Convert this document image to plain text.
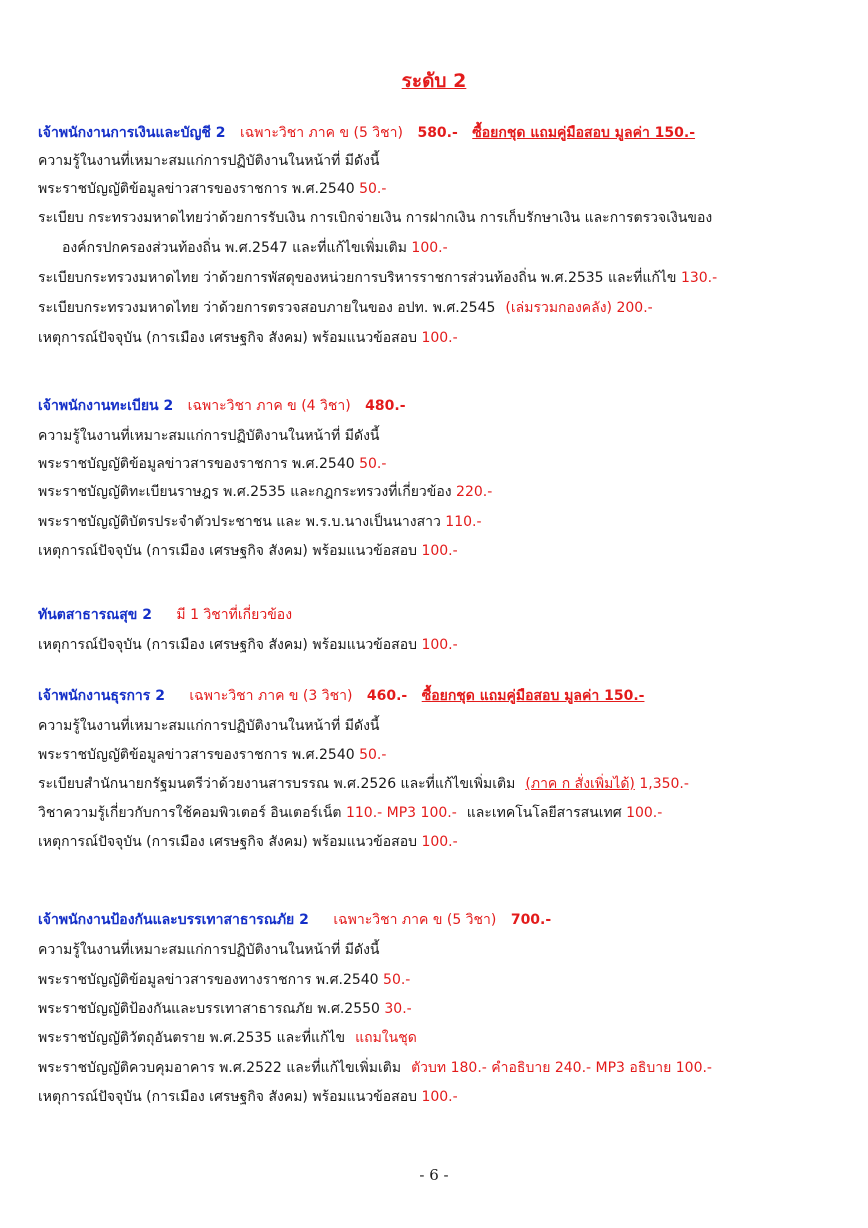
ระดับ 2
เจ้าพนักงานการเงินและบัญชี 2 เฉพาะวิชา ภาค ข (5 วิชา) 580.- ซื้อยกชุด แถมคู่มือสอบ มูลค่า 150.-
ความรู้ในงานที่เหมาะสมแก่การปฏิบัติงานในหน้าที่ มีดังนี้
พระราชบัญญัติข้อมูลข่าวสารของราชการ พ.ศ.2540 50.-
ระเบียบ กระทรวงมหาดไทยว่าด้วยการรับเงิน การเบิกจ่ายเงิน การฝากเงิน การเก็บรักษาเงิน และการตรวจเงินของ
องค์กรปกครองส่วนท้องถิ่น พ.ศ.2547 และที่แก้ไขเพิ่มเติม 100.-
ระเบียบกระทรวงมหาดไทย ว่าด้วยการพัสดุของหน่วยการบริหารราชการส่วนท้องถิ่น พ.ศ.2535 และที่แก้ไข 130.-
ระเบียบกระทรวงมหาดไทย ว่าด้วยการตรวจสอบภายในของ อปท. พ.ศ.2545 (เล่มรวมกองคลัง) 200.-
เหตุการณ์ปัจจุบัน (การเมือง เศรษฐกิจ สังคม) พร้อมแนวข้อสอบ 100.-
เจ้าพนักงานทะเบียน 2 เฉพาะวิชา ภาค ข (4 วิชา) 480.-
ความรู้ในงานที่เหมาะสมแก่การปฏิบัติงานในหน้าที่ มีดังนี้
พระราชบัญญัติข้อมูลข่าวสารของราชการ พ.ศ.2540 50.-
พระราชบัญญัติทะเบียนราษฎร พ.ศ.2535 และกฎกระทรวงที่เกี่ยวข้อง 220.-
พระราชบัญญัติบัตรประจำตัวประชาชน และ พ.ร.บ.นางเป็นนางสาว 110.-
เหตุการณ์ปัจจุบัน (การเมือง เศรษฐกิจ สังคม) พร้อมแนวข้อสอบ 100.-
ทันตสาธารณสุข 2 มี 1 วิชาที่เกี่ยวข้อง
เหตุการณ์ปัจจุบัน (การเมือง เศรษฐกิจ สังคม) พร้อมแนวข้อสอบ 100.-
เจ้าพนักงานธุรการ 2 เฉพาะวิชา ภาค ข (3 วิชา) 460.- ซื้อยกชุด แถมคู่มือสอบ มูลค่า 150.-
ความรู้ในงานที่เหมาะสมแก่การปฏิบัติงานในหน้าที่ มีดังนี้
พระราชบัญญัติข้อมูลข่าวสารของราชการ พ.ศ.2540 50.-
ระเบียบสำนักนายกรัฐมนตรีว่าด้วยงานสารบรรณ พ.ศ.2526 และที่แก้ไขเพิ่มเติม (ภาค ก สั่งเพิ่มได้) 1,350.-
วิชาความรู้เกี่ยวกับการใช้คอมพิวเตอร์ อินเตอร์เน็ต 110.- MP3 100.- และเทคโนโลยีสารสนเทศ 100.-
เหตุการณ์ปัจจุบัน (การเมือง เศรษฐกิจ สังคม) พร้อมแนวข้อสอบ 100.-
เจ้าพนักงานป้องกันและบรรเทาสาธารณภัย 2 เฉพาะวิชา ภาค ข (5 วิชา) 700.-
ความรู้ในงานที่เหมาะสมแก่การปฏิบัติงานในหน้าที่ มีดังนี้
พระราชบัญญัติข้อมูลข่าวสารของทางราชการ พ.ศ.2540 50.-
พระราชบัญญัติป้องกันและบรรเทาสาธารณภัย พ.ศ.2550 30.-
พระราชบัญญัติวัตถุอันตราย พ.ศ.2535 และที่แก้ไข แถมในชุด
พระราชบัญญัติควบคุมอาคาร พ.ศ.2522 และที่แก้ไขเพิ่มเติม ตัวบท 180.- คำอธิบาย 240.- MP3 อธิบาย 100.-
เหตุการณ์ปัจจุบัน (การเมือง เศรษฐกิจ สังคม) พร้อมแนวข้อสอบ 100.-
- 6 -
